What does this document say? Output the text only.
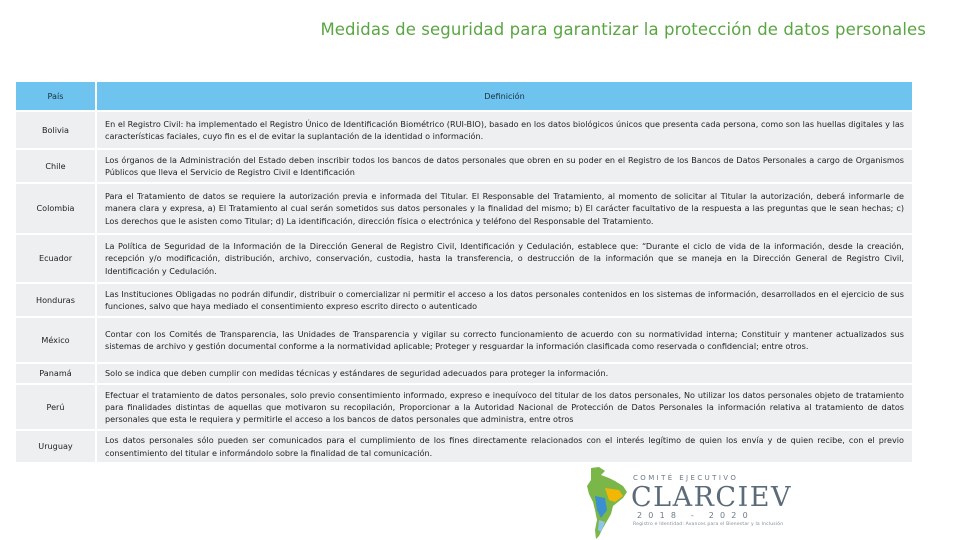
Medidas de seguridad para garantizar la protección de datos personales
País	Definición
Bolivia	En el Registro Civil: ha implementado el Registro Único de Identificación Biométrico (RUI-BIO), basado en los datos biológicos únicos que presenta cada persona, como son las huellas digitales y las características faciales, cuyo fin es el de evitar la suplantación de la identidad o información.
Chile	Los órganos de la Administración del Estado deben inscribir todos los bancos de datos personales que obren en su poder en el Registro de los Bancos de Datos Personales a cargo de Organismos Públicos que lleva el Servicio de Registro Civil e Identificación
Colombia	Para el Tratamiento de datos se requiere la autorización previa e informada del Titular. El Responsable del Tratamiento, al momento de solicitar al Titular la autorización, deberá informarle de manera clara y expresa, a) El Tratamiento al cual serán sometidos sus datos personales y la finalidad del mismo; b) El carácter facultativo de la respuesta a las preguntas que le sean hechas; c) Los derechos que le asisten como Titular; d) La identificación, dirección física o electrónica y teléfono del Responsable del Tratamiento.
Ecuador	La Política de Seguridad de la Información de la Dirección General de Registro Civil, Identificación y Cedulación, establece que: “Durante el ciclo de vida de la información, desde la creación, recepción y/o modificación, distribución, archivo, conservación, custodia, hasta la transferencia, o destrucción de la información que se maneja en la Dirección General de Registro Civil, Identificación y Cedulación.
Honduras	Las Instituciones Obligadas no podrán difundir, distribuir o comercializar ni permitir el acceso a los datos personales contenidos en los sistemas de información, desarrollados en el ejercicio de sus funciones, salvo que haya mediado el consentimiento expreso escrito directo o autenticado
México	Contar con los Comités de Transparencia, las Unidades de Transparencia y vigilar su correcto funcionamiento de acuerdo con su normatividad interna; Constituir y mantener actualizados sus sistemas de archivo y gestión documental conforme a la normatividad aplicable; Proteger y resguardar la información clasificada como reservada o confidencial; entre otros.
Panamá	Solo se indica que deben cumplir con medidas técnicas y estándares de seguridad adecuados para proteger la información.
Perú	Efectuar el tratamiento de datos personales, solo previo consentimiento informado, expreso e inequívoco del titular de los datos personales, No utilizar los datos personales objeto de tratamiento para finalidades distintas de aquellas que motivaron su recopilación, Proporcionar a la Autoridad Nacional de Protección de Datos Personales la información relativa al tratamiento de datos personales que esta le requiera y permitirle el acceso a los bancos de datos personales que administra, entre otros
Uruguay	Los datos personales sólo pueden ser comunicados para el cumplimiento de los fines directamente relacionados con el interés legítimo de quien los envía y de quien recibe, con el previo consentimiento del titular e informándolo sobre la finalidad de tal comunicación.
COMITÉ EJECUTIVO
CLARCIEV
2018 - 2020
Registro e Identidad: Avances para el Bienestar y la Inclusión
